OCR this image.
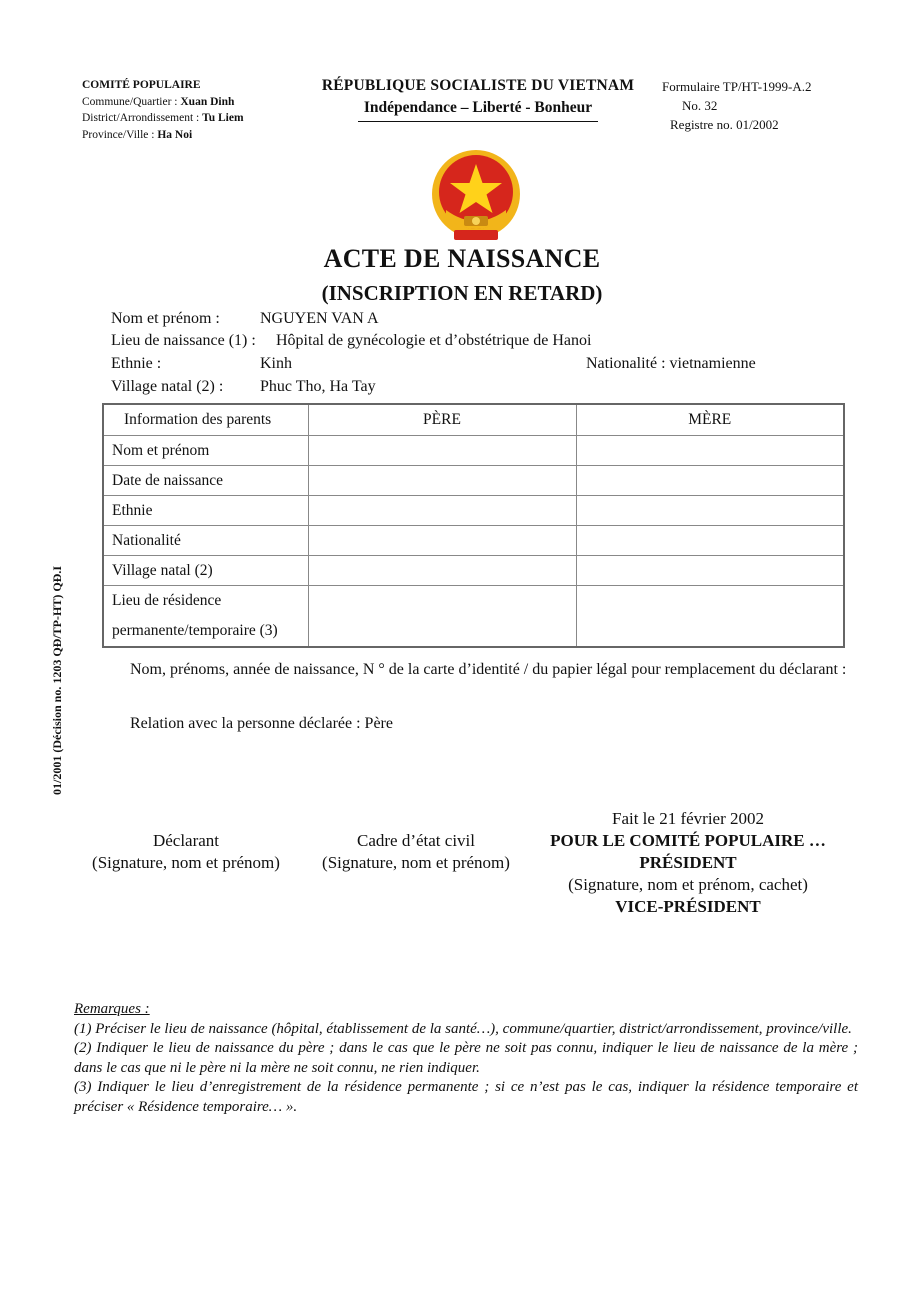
COMITÉ POPULAIRE
Commune/Quartier : Xuan Dinh
District/Arrondissement : Tu Liem
Province/Ville : Ha Noi
RÉPUBLIQUE SOCIALISTE DU VIETNAM
Indépendance – Liberté - Bonheur
Formulaire TP/HT-1999-A.2
No. 32
Registre no. 01/2002
ACTE DE NAISSANCE
(INSCRIPTION EN RETARD)
Nom et prénom :	NGUYEN VAN A
Lieu de naissance (1) : Hôpital de gynécologie et d’obstétrique de Hanoi
Ethnie :	Kinh	Nationalité : vietnamienne
Village natal (2) : Phuc Tho, Ha Tay
Information des parents	PÈRE	MÈRE
Nom et prénom		
Date de naissance		
Ethnie		
Nationalité		
Village natal (2)		
Lieu de résidence
permanente/temporaire (3)		
Nom, prénoms, année de naissance, N ° de la carte d’identité / du papier légal pour remplacement du déclarant :
Relation avec la personne déclarée : Père
01/2001 (Décision no. 1203 QĐ/TP-HT) QĐ.I
Déclarant
(Signature, nom et prénom)
Cadre d’état civil
(Signature, nom et prénom)
Fait le 21 février 2002
POUR LE COMITÉ POPULAIRE …
PRÉSIDENT
(Signature, nom et prénom, cachet)
VICE-PRÉSIDENT
Remarques :
(1) Préciser le lieu de naissance (hôpital, établissement de la santé…), commune/quartier, district/arrondissement, province/ville.
(2) Indiquer le lieu de naissance du père ; dans le cas que le père ne soit pas connu, indiquer le lieu de naissance de la mère ; dans le cas que ni le père ni la mère ne soit connu, ne rien indiquer.
(3) Indiquer le lieu d’enregistrement de la résidence permanente ; si ce n’est pas le cas, indiquer la résidence temporaire et préciser « Résidence temporaire… ».
